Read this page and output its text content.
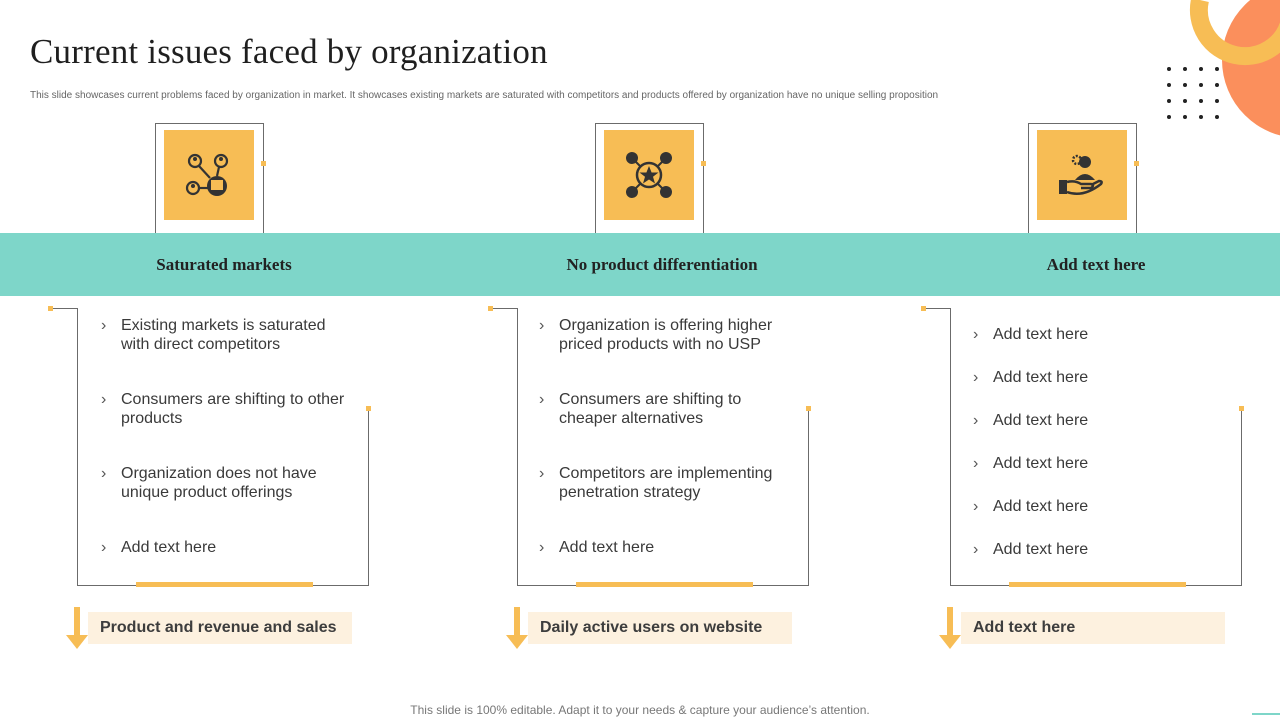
Current issues faced by organization
This slide showcases current problems faced by organization in market. It showcases existing markets are saturated with competitors and products offered by organization have no unique selling proposition
Saturated markets	No product differentiation	Add text here
› Existing markets is saturated with direct competitors
› Consumers are shifting to other products
› Organization does not have unique product offerings
› Add text here
› Organization is offering higher priced products with no USP
› Consumers are shifting to cheaper alternatives
› Competitors are implementing penetration strategy
› Add text here
› Add text here
› Add text here
› Add text here
› Add text here
› Add text here
› Add text here
Product and revenue and sales	Daily active users on website	Add text here
This slide is 100% editable. Adapt it to your needs & capture your audience’s attention.
